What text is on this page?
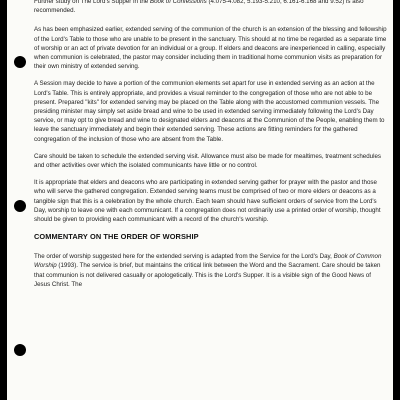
Further study on The Lord's Supper in the Book of Confessions (4.075-4.082, 5.193-5.210, 6.161-6.168 and 9.52) is also recommended.

As has been emphasized earlier, extended serving of the communion of the church is an extension of the blessing and fellowship of the Lord's Table to those who are unable to be present in the sanctuary. This should at no time be regarded as a separate time of worship or an act of private devotion for an individual or a group. If elders and deacons are inexperienced in calling, especially when communion is celebrated, the pastor may consider including them in traditional home communion visits as preparation for their own ministry of extended serving.

A Session may decide to have a portion of the communion elements set apart for use in extended serving as an action at the Lord's Table. This is entirely appropriate, and provides a visual reminder to the congregation of those who are not able to be present. Prepared "kits" for extended serving may be placed on the Table along with the accustomed communion vessels. The presiding minister may simply set aside bread and wine to be used in extended serving immediately following the Lord's Day service, or may opt to give bread and wine to designated elders and deacons at the Communion of the People, enabling them to leave the sanctuary immediately and begin their extended serving. These actions are fitting reminders for the gathered congregation of the inclusion of those who are absent from the Table.

Care should be taken to schedule the extended serving visit. Allowance must also be made for mealtimes, treatment schedules and other activities over which the isolated communicants have little or no control.

It is appropriate that elders and deacons who are participating in extended serving gather for prayer with the pastor and those who will serve the gathered congregation. Extended serving teams must be comprised of two or more elders or deacons as a tangible sign that this is a celebration by the whole church. Each team should have sufficient orders of service from the Lord's Day, worship to leave one with each communicant. If a congregation does not ordinarily use a printed order of worship, thought should be given to providing each communicant with a record of the church's worship.

COMMENTARY ON THE ORDER OF WORSHIP

The order of worship suggested here for the extended serving is adapted from the Service for the Lord's Day, Book of Common Worship (1993). The service is brief, but maintains the critical link between the Word and the Sacrament. Care should be taken that communion is not delivered casually or apologetically. This is the Lord's Supper. It is a visible sign of the Good News of Jesus Christ. The
